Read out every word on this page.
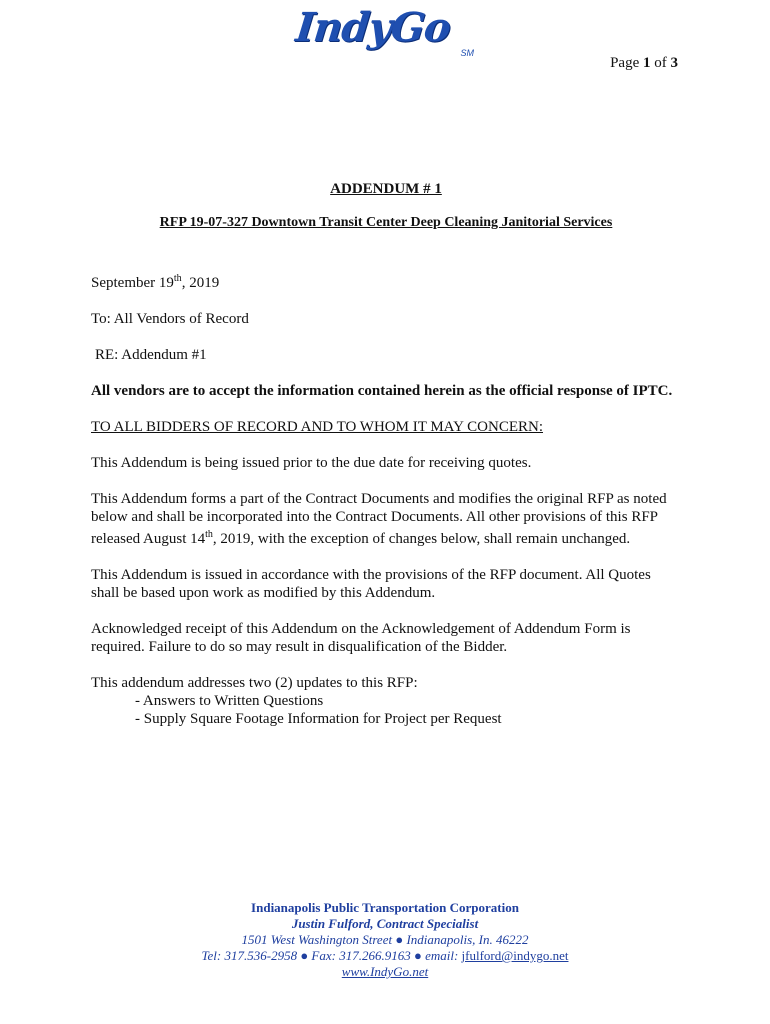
IndyGo
SM
Page 1 of 3

ADDENDUM # 1

RFP 19-07-327 Downtown Transit Center Deep Cleaning Janitorial Services

September 19th, 2019

To: All Vendors of Record

RE: Addendum #1

All vendors are to accept the information contained herein as the official response of IPTC.

TO ALL BIDDERS OF RECORD AND TO WHOM IT MAY CONCERN:

This Addendum is being issued prior to the due date for receiving quotes.

This Addendum forms a part of the Contract Documents and modifies the original RFP as noted below and shall be incorporated into the Contract Documents. All other provisions of this RFP released August 14th, 2019, with the exception of changes below, shall remain unchanged.

This Addendum is issued in accordance with the provisions of the RFP document. All Quotes shall be based upon work as modified by this Addendum.

Acknowledged receipt of this Addendum on the Acknowledgement of Addendum Form is required. Failure to do so may result in disqualification of the Bidder.

This addendum addresses two (2) updates to this RFP:

- Answers to Written Questions
- Supply Square Footage Information for Project per Request
Indianapolis Public Transportation Corporation
Justin Fulford, Contract Specialist
1501 West Washington Street ● Indianapolis, In. 46222
Tel: 317.536-2958 ● Fax: 317.266.9163 ● email: jfulford@indygo.net
www.IndyGo.net
